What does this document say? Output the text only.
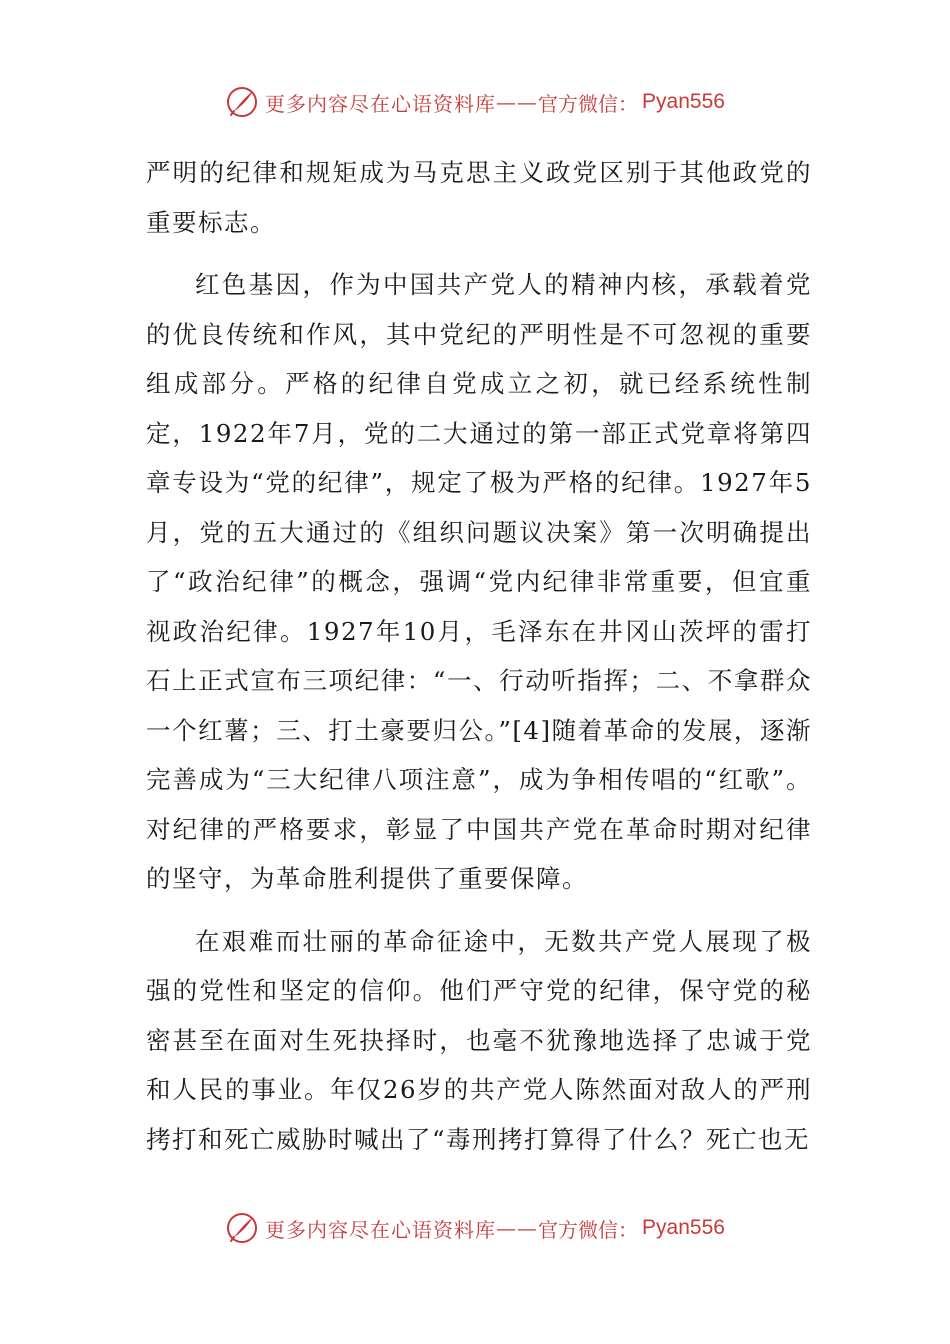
更多内容尽在心语资料库 —— 官方微信： Pyan556

严明的纪律和规矩成为马克思主义政党区别于其他政党的重要标志。

红色基因，作为中国共产党人的精神内核，承载着党的优良传统和作风，其中党纪的严明性是不可忽视的重要组成部分。严格的纪律自党成立之初，就已经系统性制定，1922年7月，党的二大通过的第一部正式党章将第四章专设为“党的纪律”，规定了极为严格的纪律。1927年5月，党的五大通过的《组织问题议决案》第一次明确提出了“政治纪律”的概念，强调“党内纪律非常重要，但宜重视政治纪律。1927年10月，毛泽东在井冈山茨坪的雷打石上正式宣布三项纪律：“一、行动听指挥；二、不拿群众一个红薯；三、打土豪要归公。”[4]随着革命的发展，逐渐完善成为“三大纪律八项注意”，成为争相传唱的“红歌”。对纪律的严格要求，彰显了中国共产党在革命时期对纪律的坚守，为革命胜利提供了重要保障。

在艰难而壮丽的革命征途中，无数共产党人展现了极强的党性和坚定的信仰。他们严守党的纪律，保守党的秘密甚至在面对生死抉择时，也毫不犹豫地选择了忠诚于党和人民的事业。年仅26岁的共产党人陈然面对敌人的严刑拷打和死亡威胁时喊出了“毒刑拷打算得了什么？死亡也无

更多内容尽在心语资料库 —— 官方微信： Pyan556
